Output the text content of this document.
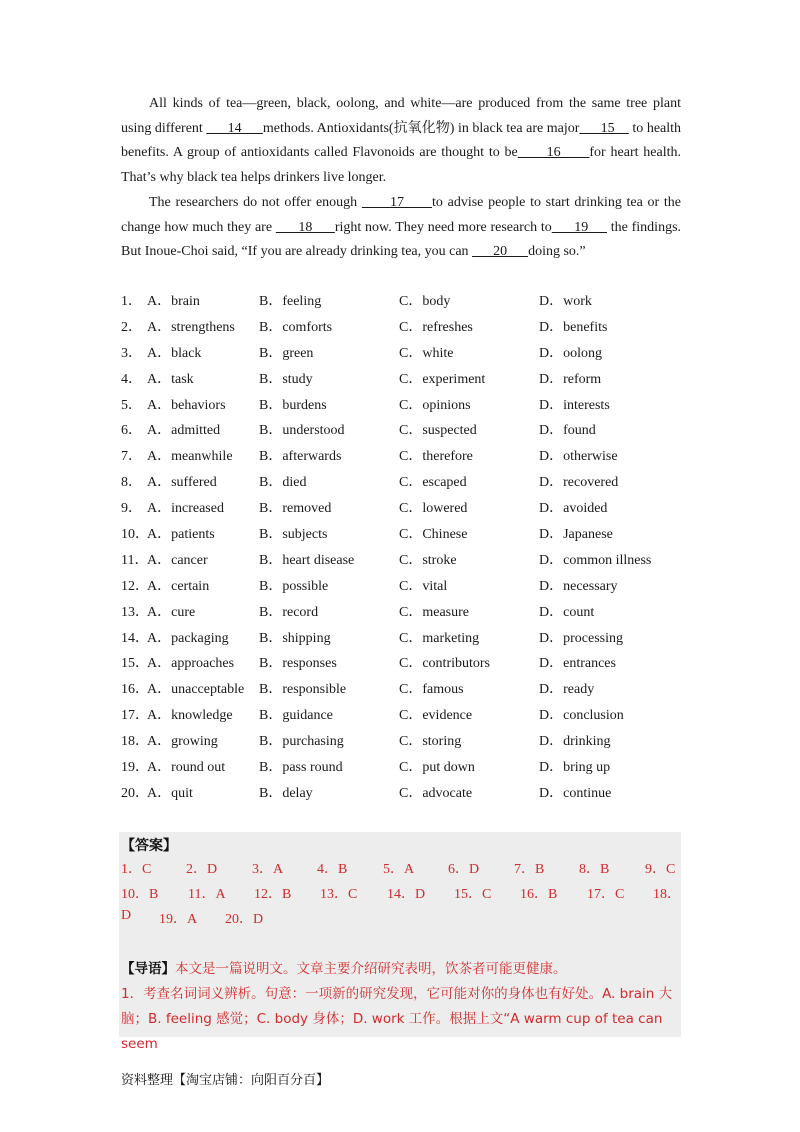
All kinds of tea—green, black, oolong, and white—are produced from the same tree plant using different       14      methods. Antioxidants(抗氧化物) in black tea are major      15     to health benefits. A group of antioxidants called Flavonoids are thought to be      16      for heart health. That’s why black tea helps drinkers live longer.
The researchers do not offer enough       17      to advise people to start drinking tea or the change how much they are       18      right now. They need more research to      19      the findings. But Inoue-Choi said, “If you are already drinking tea, you can       20      doing so.”
1． A．brain	B．feeling	C．body	D．work
2． A．strengthens B．comforts	C．refreshes	D．benefits
3． A．black	B．green	C．white	D．oolong
4． A．task	B．study	C．experiment	D．reform
5． A．behaviors B．burdens	C．opinions	D．interests
6． A．admitted	B．understood	C．suspected	D．found
7． A．meanwhile B．afterwards	C．therefore	D．otherwise
8． A．suffered	B．died	C．escaped	D．recovered
9． A．increased	B．removed	C．lowered	D．avoided
10．
A．patients	B．subjects	C．Chinese	D．Japanese
11．
A．cancer	B．heart disease	C．stroke	D．common illness
12．
A．certain	B．possible	C．vital	D．necessary
13．
A．cure	B．record	C．measure	D．count
14．
A．packaging B．shipping	C．marketing	D．processing
15．
A．approaches B．responses	C．contributors	D．entrances
16．
A．unacceptable B．responsible	C．famous	D．ready
17．
A．knowledge B．guidance	C．evidence	D．conclusion
18．
A．growing	B．purchasing	C．storing	D．drinking
19．
A．round out B．pass round	C．put down	D．bring up
20．
A．quit	B．delay	C．advocate	D．continue
【答案】
1．C 2．D 3．A 4．B	5．A 6．D 7．B 8．B	9．C
10．B 11．A 12．B 13．C 14．D 15．C 16．B 17．C 18．
D 19．A 20．D
【导语】本文是一篇说明文。文章主要介绍研究表明，饮茶者可能更健康。
1．考查名词词义辨析。句意：一项新的研究发现，它可能对你的身体也有好处。A. brain 大脑；B. feeling 感觉；C. body 身体；D. work 工作。根据上文“A warm cup of tea can seem
资料整理【淘宝店铺：向阳百分百】
